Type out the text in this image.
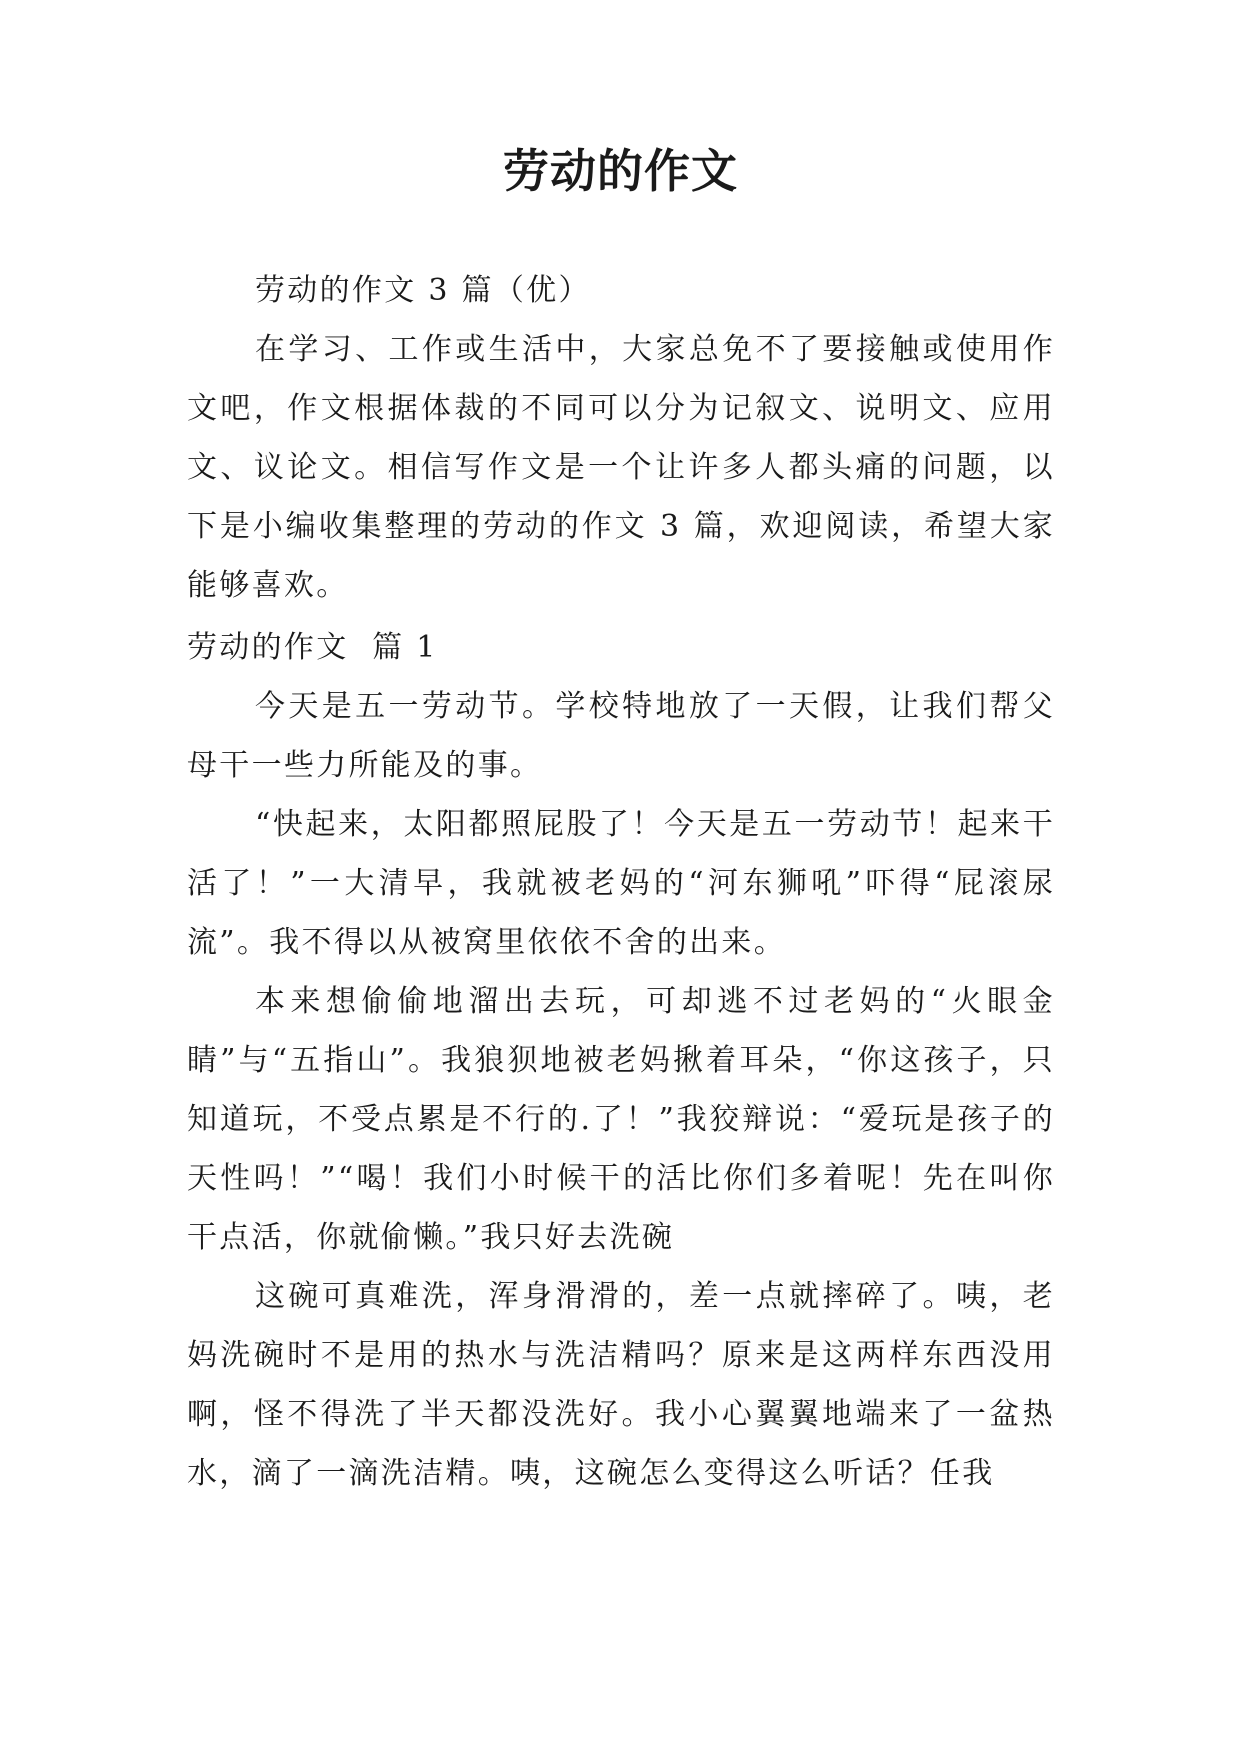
劳动的作文

劳动的作文 3 篇（优）

在学习、工作或生活中，大家总免不了要接触或使用作文吧，作文根据体裁的不同可以分为记叙文、说明文、应用文、议论文。相信写作文是一个让许多人都头痛的问题，以下是小编收集整理的劳动的作文 3 篇，欢迎阅读，希望大家能够喜欢。

劳动的作文  篇 1

今天是五一劳动节。学校特地放了一天假，让我们帮父母干一些力所能及的事。

“快起来，太阳都照屁股了！今天是五一劳动节！起来干活了！”一大清早，我就被老妈的“河东狮吼”吓得“屁滚尿流”。我不得以从被窝里依依不舍的出来。

本来想偷偷地溜出去玩，可却逃不过老妈的“火眼金睛”与“五指山”。我狼狈地被老妈揪着耳朵，“你这孩子，只知道玩，不受点累是不行的.了！”我狡辩说：“爱玩是孩子的天性吗！”“喝！我们小时候干的活比你们多着呢！先在叫你干点活，你就偷懒。”我只好去洗碗

这碗可真难洗，浑身滑滑的，差一点就摔碎了。咦，老妈洗碗时不是用的热水与洗洁精吗？原来是这两样东西没用啊，怪不得洗了半天都没洗好。我小心翼翼地端来了一盆热水，滴了一滴洗洁精。咦，这碗怎么变得这么听话？任我
